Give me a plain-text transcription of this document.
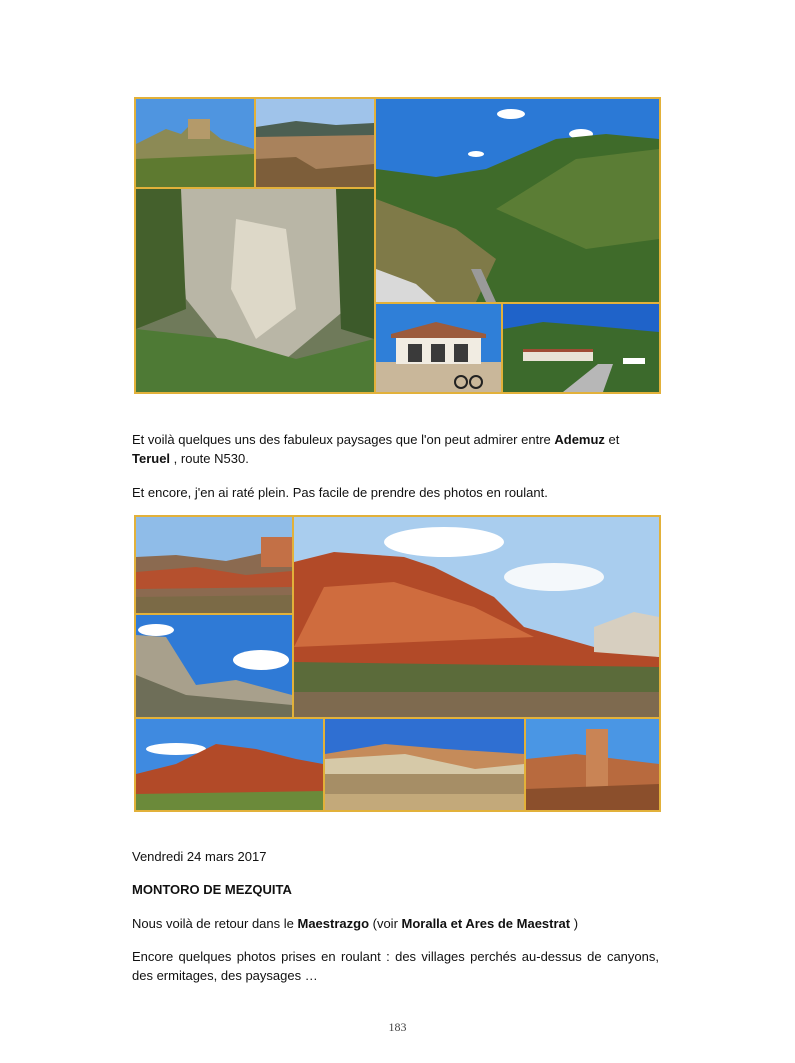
Et voilà quelques uns des fabuleux paysages que l'on peut admirer entre Ademuz et
Teruel , route N530.

Et encore, j'en ai raté plein. Pas facile de prendre des photos en roulant.

Vendredi 24 mars 2017

MONTORO DE MEZQUITA

Nous voilà de retour dans le Maestrazgo (voir Moralla et Ares de Maestrat )

Encore quelques photos prises en roulant : des villages perchés au-dessus de canyons, des ermitages, des paysages …

183
